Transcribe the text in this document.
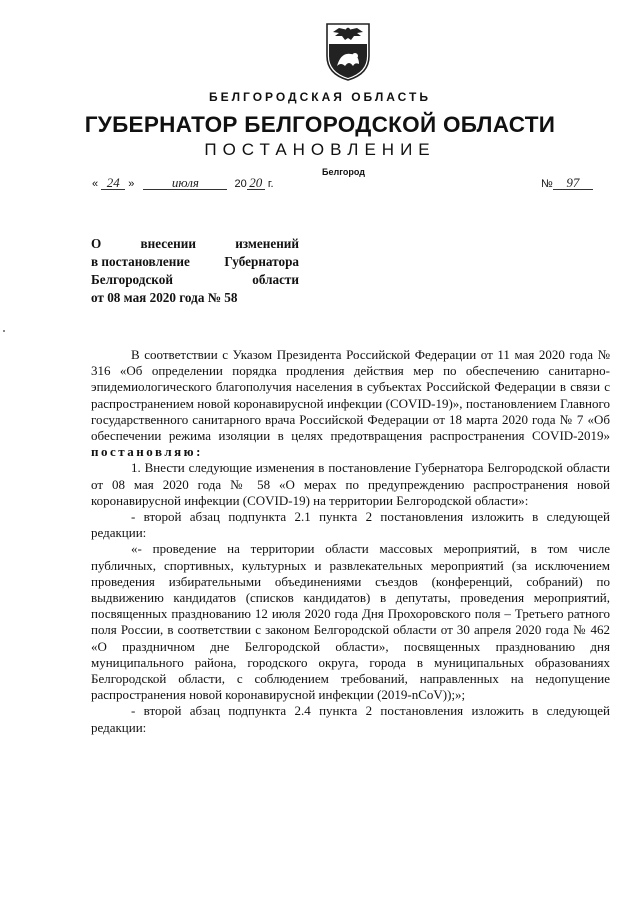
БЕЛГОРОДСКАЯ ОБЛАСТЬ
ГУБЕРНАТОР БЕЛГОРОДСКОЙ ОБЛАСТИ
ПОСТАНОВЛЕНИЕ
Белгород
« 24 »	июля	20 20 г.	№ 97
О	внесении	изменений
в постановление	Губернатора
Белгородской	области
от 08 мая 2020 года № 58

В соответствии с Указом Президента Российской Федерации от 11 мая 2020 года № 316 «Об определении порядка продления действия мер по обеспечению санитарно-эпидемиологического благополучия населения в субъектах Российской Федерации в связи с распространением новой коронавирусной инфекции (COVID-19)», постановлением Главного государственного санитарного врача Российской Федерации от 18 марта 2020 года № 7 «Об обеспечении режима изоляции в целях предотвращения распространения COVID-2019» постановляю:

1. Внести следующие изменения в постановление Губернатора Белгородской области от 08 мая 2020 года № 58 «О мерах по предупреждению распространения новой коронавирусной инфекции (COVID-19) на территории Белгородской области»:

- второй абзац подпункта 2.1 пункта 2 постановления изложить в следующей редакции:

«- проведение на территории области массовых мероприятий, в том числе публичных, спортивных, культурных и развлекательных мероприятий (за исключением проведения избирательными объединениями съездов (конференций, собраний) по выдвижению кандидатов (списков кандидатов) в депутаты, проведения мероприятий, посвященных празднованию 12 июля 2020 года Дня Прохоровского поля – Третьего ратного поля России, в соответствии с законом Белгородской области от 30 апреля 2020 года № 462 «О праздничном дне Белгородской области», посвященных празднованию дня муниципального района, городского округа, города в муниципальных образованиях Белгородской области, с соблюдением требований, направленных на недопущение распространения новой коронавирусной инфекции (2019-nCoV));»;

- второй абзац подпункта 2.4 пункта 2 постановления изложить в следующей редакции:
